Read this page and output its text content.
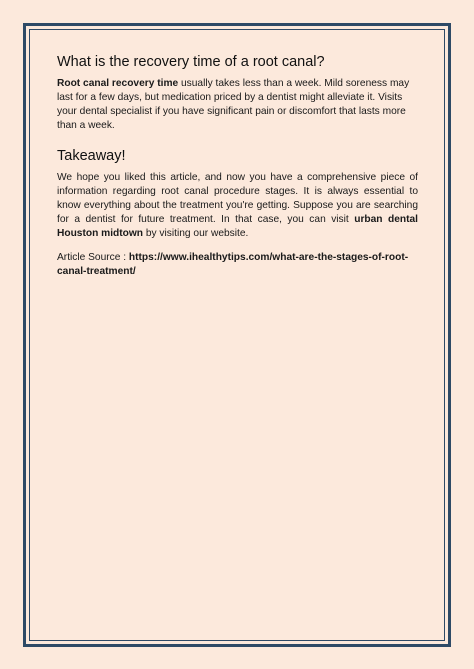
What is the recovery time of a root canal?

Root canal recovery time usually takes less than a week. Mild soreness may last for a few days, but medication priced by a dentist might alleviate it. Visits your dental specialist if you have significant pain or discomfort that lasts more than a week.

Takeaway!

We hope you liked this article, and now you have a comprehensive piece of information regarding root canal procedure stages. It is always essential to know everything about the treatment you're getting. Suppose you are searching for a dentist for future treatment. In that case, you can visit urban dental Houston midtown by visiting our website.

Article Source : https://www.ihealthytips.com/what-are-the-stages-of-root-canal-treatment/
